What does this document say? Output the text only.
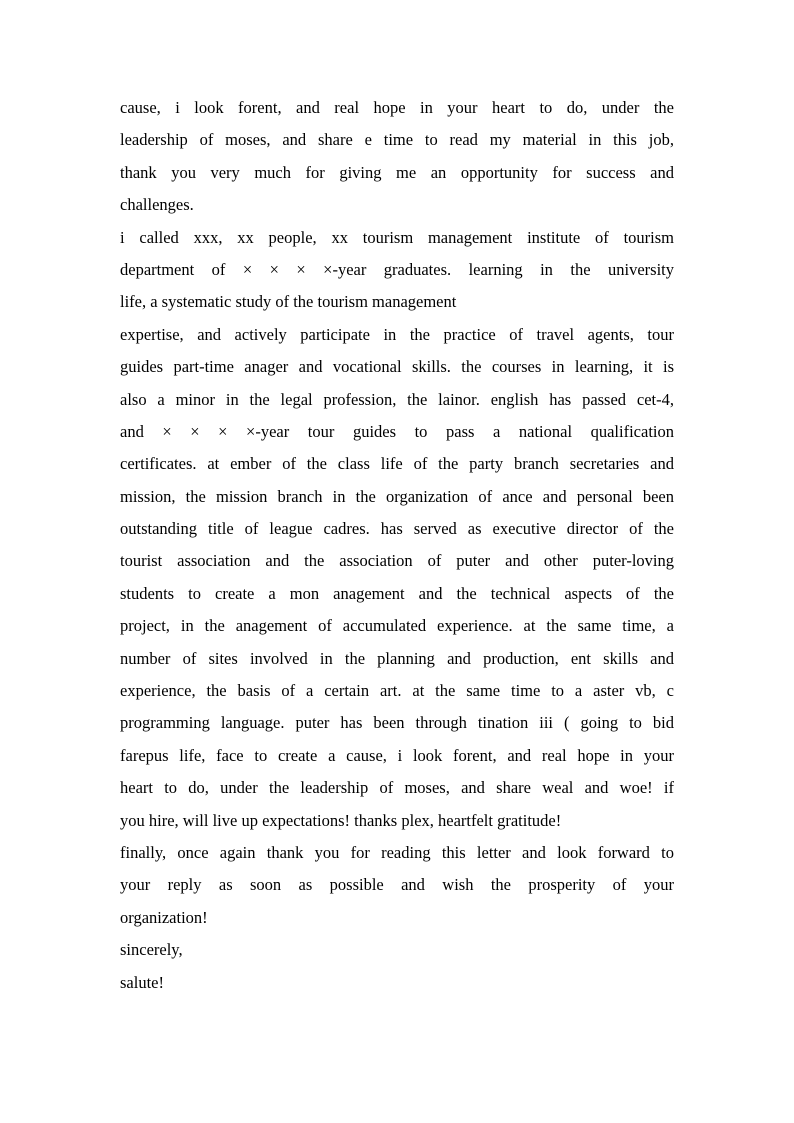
cause, i look forent, and real hope in your heart to do, under the
leadership of moses, and share e time to read my material in this job,
thank you very much for giving me an opportunity for success and
challenges.
i called xxx, xx people, xx tourism management institute of tourism
department of × × × ×-year graduates. learning in the university
life, a systematic study of the tourism management
expertise, and actively participate in the practice of travel agents, tour
guides part-time anager and vocational skills. the courses in learning, it is
also a minor in the legal profession, the lainor. english has passed cet-4,
and × × × ×-year tour guides to pass a national qualification
certificates. at ember of the class life of the party branch secretaries and
mission, the mission branch in the organization of ance and personal been
outstanding title of league cadres. has served as executive director of the
tourist association and the association of puter and other puter-loving
students to create a mon anagement and the technical aspects of the
project, in the anagement of accumulated experience. at the same time, a
number of sites involved in the planning and production, ent skills and
experience, the basis of a certain art. at the same time to a aster vb, c
programming language. puter has been through tination iii ( going to bid
farepus life, face to create a cause, i look forent, and real hope in your
heart to do, under the leadership of moses, and share weal and woe! if
you hire, will live up expectations! thanks plex, heartfelt gratitude!
finally, once again thank you for reading this letter and look forward to
your reply as soon as possible and wish the prosperity of your
organization!
sincerely,
salute!
